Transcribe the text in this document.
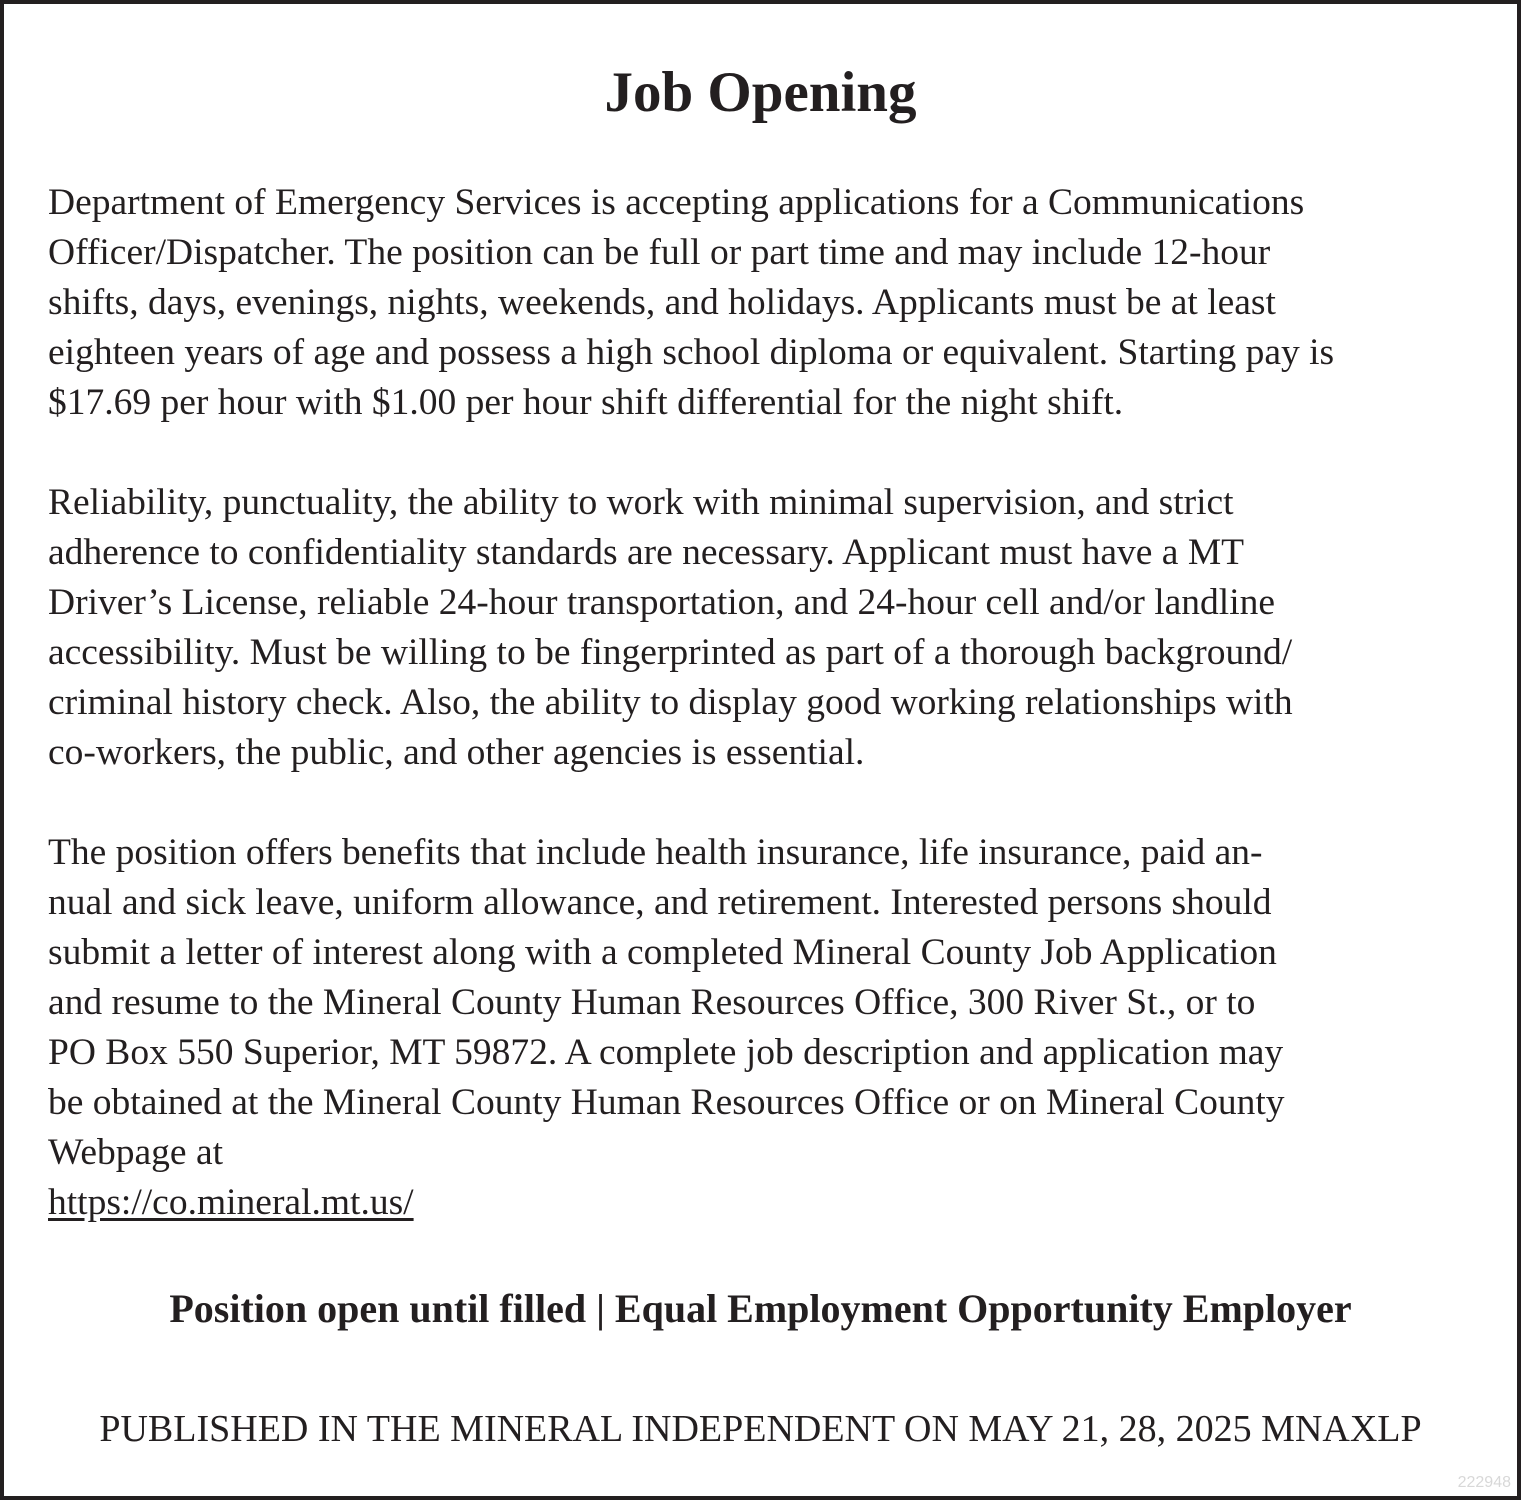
Job Opening
Department of Emergency Services is accepting applications for a Communications
Officer/Dispatcher. The position can be full or part time and may include 12-hour
shifts, days, evenings, nights, weekends, and holidays. Applicants must be at least
eighteen years of age and possess a high school diploma or equivalent. Starting pay is
$17.69 per hour with $1.00 per hour shift differential for the night shift.
Reliability, punctuality, the ability to work with minimal supervision, and strict
adherence to confidentiality standards are necessary. Applicant must have a MT
Driver’s License, reliable 24-hour transportation, and 24-hour cell and/or landline
accessibility. Must be willing to be fingerprinted as part of a thorough background/
criminal history check. Also, the ability to display good working relationships with
co-workers, the public, and other agencies is essential.
The position offers benefits that include health insurance, life insurance, paid an-
nual and sick leave, uniform allowance, and retirement. Interested persons should
submit a letter of interest along with a completed Mineral County Job Application
and resume to the Mineral County Human Resources Office, 300 River St., or to
PO Box 550 Superior, MT 59872. A complete job description and application may
be obtained at the Mineral County Human Resources Office or on Mineral County
Webpage at
https://co.mineral.mt.us/

Position open until filled | Equal Employment Opportunity Employer

PUBLISHED IN THE MINERAL INDEPENDENT ON MAY 21, 28, 2025 MNAXLP

222948
